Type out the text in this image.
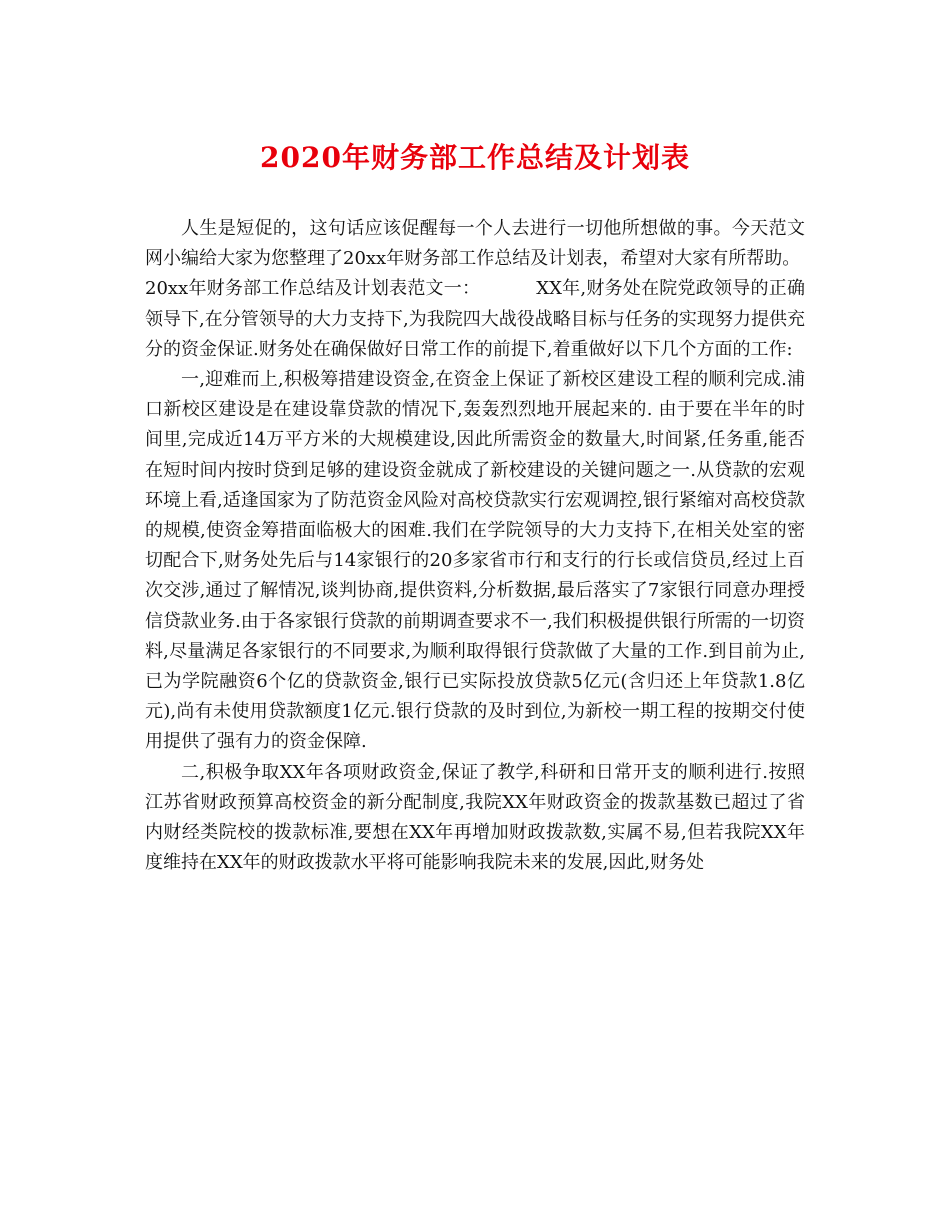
2020年财务部工作总结及计划表

人生是短促的，这句话应该促醒每一个人去进行一切他所想做的事。今天范文网小编给大家为您整理了20xx年财务部工作总结及计划表，希望对大家有所帮助。

20xx年财务部工作总结及计划表范文一：	XX年,财务处在院党政领导的正确领导下,在分管领导的大力支持下,为我院四大战役战略目标与任务的实现努力提供充分的资金保证.财务处在确保做好日常工作的前提下,着重做好以下几个方面的工作:

一,迎难而上,积极筹措建设资金,在资金上保证了新校区建设工程的顺利完成.浦口新校区建设是在建设靠贷款的情况下,轰轰烈烈地开展起来的. 由于要在半年的时间里,完成近14万平方米的大规模建设,因此所需资金的数量大,时间紧,任务重,能否在短时间内按时贷到足够的建设资金就成了新校建设的关键问题之一.从贷款的宏观环境上看,适逢国家为了防范资金风险对高校贷款实行宏观调控,银行紧缩对高校贷款的规模,使资金筹措面临极大的困难.我们在学院领导的大力支持下,在相关处室的密切配合下,财务处先后与14家银行的20多家省市行和支行的行长或信贷员,经过上百次交涉,通过了解情况,谈判协商,提供资料,分析数据,最后落实了7家银行同意办理授信贷款业务.由于各家银行贷款的前期调查要求不一,我们积极提供银行所需的一切资料,尽量满足各家银行的不同要求,为顺利取得银行贷款做了大量的工作.到目前为止,已为学院融资6个亿的贷款资金,银行已实际投放贷款5亿元(含归还上年贷款1.8亿元),尚有未使用贷款额度1亿元.银行贷款的及时到位,为新校一期工程的按期交付使用提供了强有力的资金保障.

二,积极争取XX年各项财政资金,保证了教学,科研和日常开支的顺利进行.按照江苏省财政预算高校资金的新分配制度,我院XX年财政资金的拨款基数已超过了省内财经类院校的拨款标准,要想在XX年再增加财政拨款数,实属不易,但若我院XX年度维持在XX年的财政拨款水平将可能影响我院未来的发展,因此,财务处
